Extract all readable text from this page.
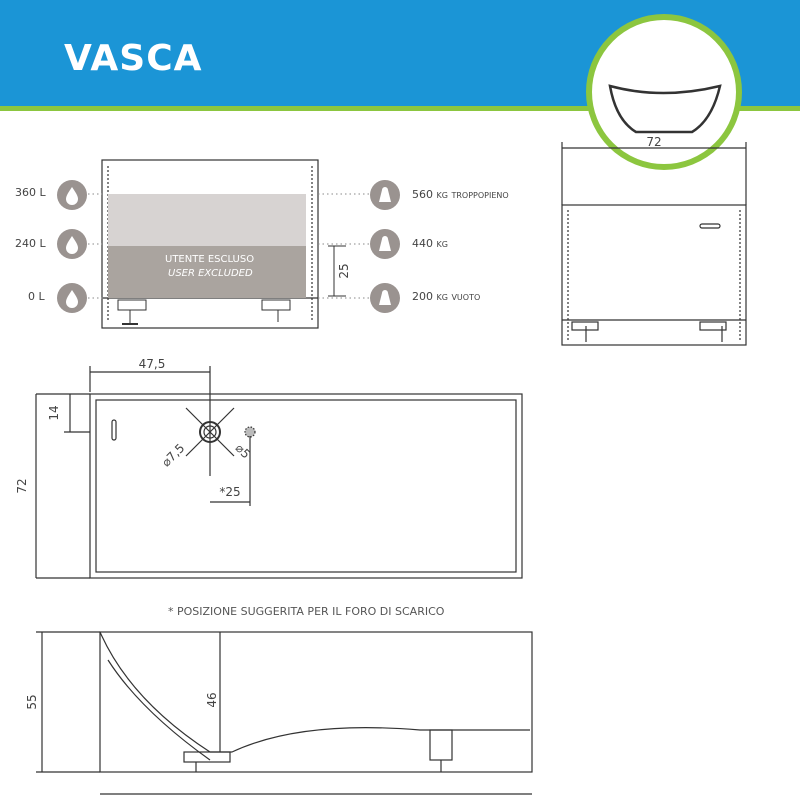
VASCA
72
47,5
14
72
⌀7,5	⌀5
*25
25
55	46
360 L
240 L
0 L
560 KG TROPPOPIENO
440 KG
200 KG VUOTO
UTENTE ESCLUSO
USER EXCLUDED
* POSIZIONE SUGGERITA PER IL FORO DI SCARICO
